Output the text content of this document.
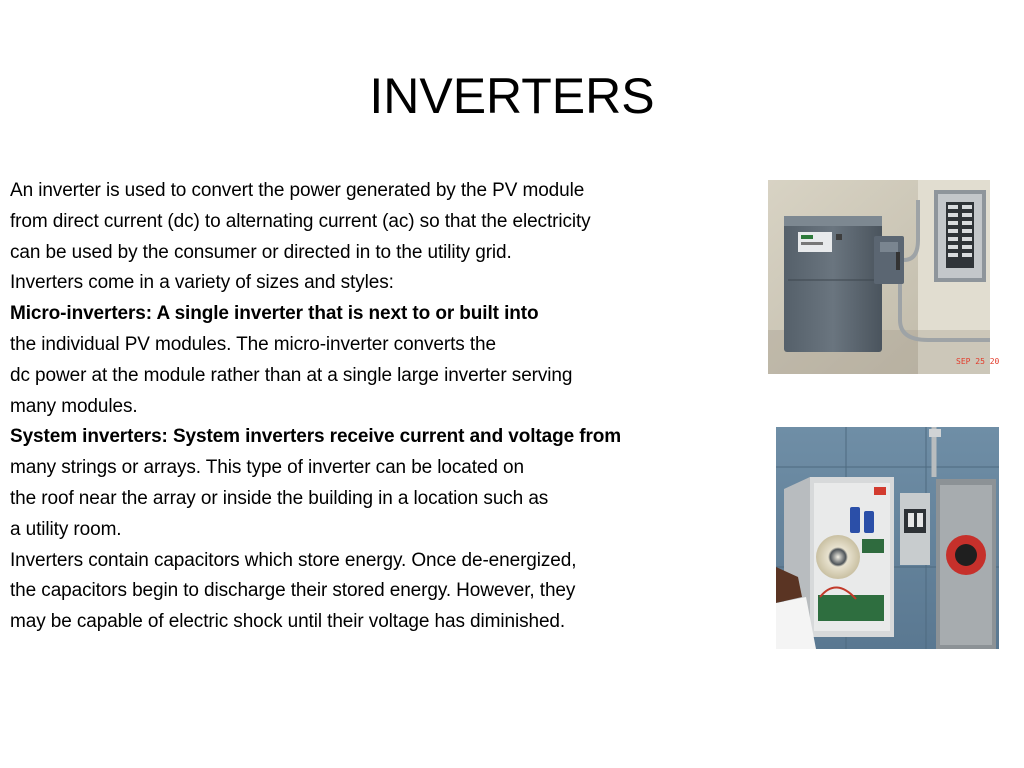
INVERTERS
An inverter is used to convert the power generated by the PV module
from direct current (dc) to alternating current (ac) so that the electricity
can be used by the consumer or directed in to the utility grid.
Inverters come in a variety of sizes and styles:
Micro-inverters: A single inverter that is next to or built into
the individual PV modules. The micro-inverter converts the
dc power at the module rather than at a single large inverter serving
many modules.
System inverters: System inverters receive current and voltage from
many strings or arrays. This type of inverter can be located on
the roof near the array or inside the building in a location such as
a utility room.
Inverters contain capacitors which store energy. Once de-energized,
the capacitors begin to discharge their stored energy. However, they
may be capable of electric shock until their voltage has diminished.
SEP 25 20
